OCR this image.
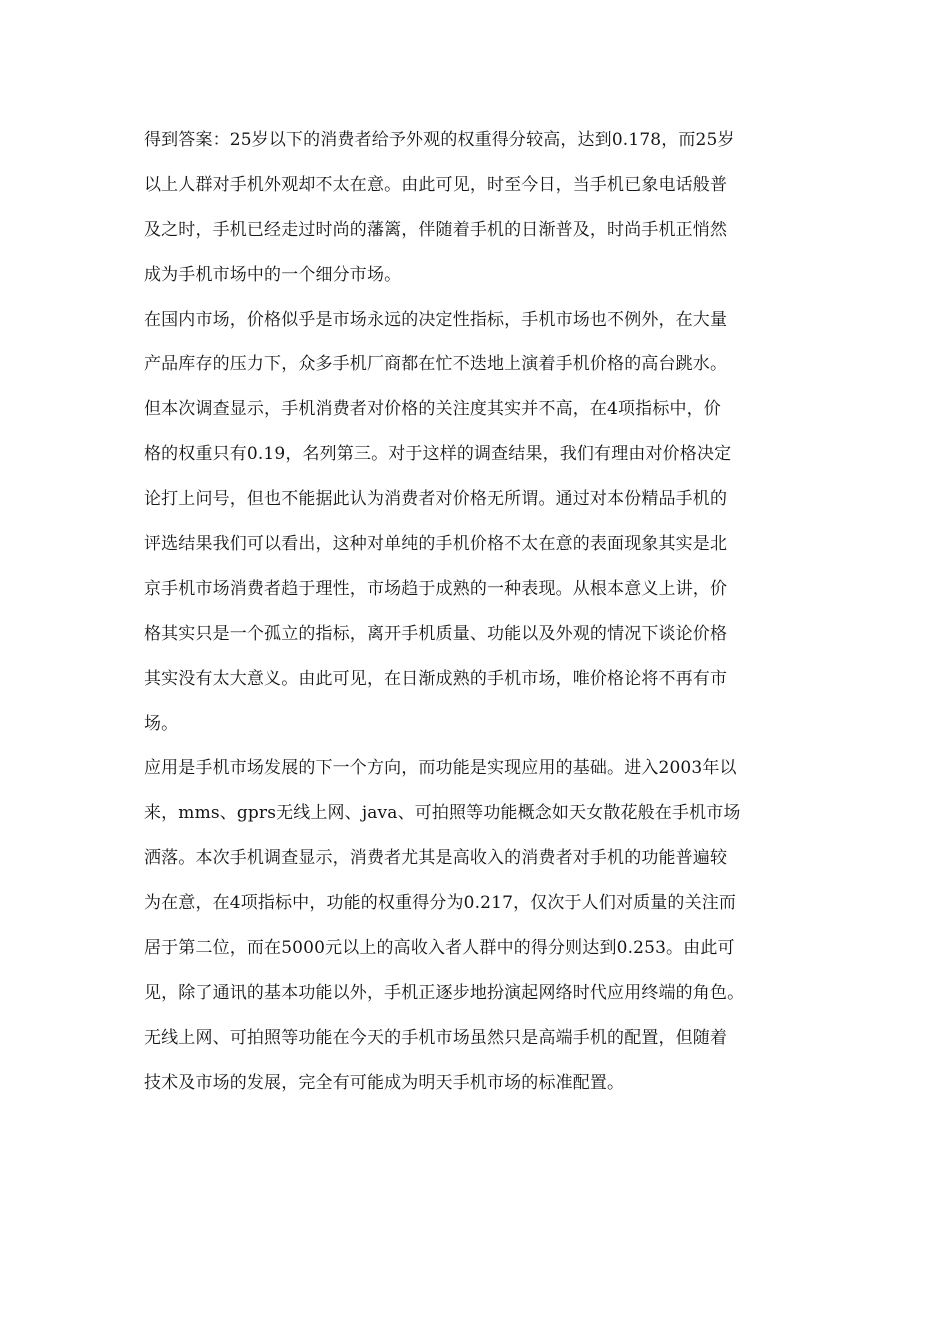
得到答案：25岁以下的消费者给予外观的权重得分较高，达到0.178，而25岁
以上人群对手机外观却不太在意。由此可见，时至今日，当手机已象电话般普
及之时，手机已经走过时尚的藩篱，伴随着手机的日渐普及，时尚手机正悄然
成为手机市场中的一个细分市场。
在国内市场，价格似乎是市场永远的决定性指标，手机市场也不例外，在大量
产品库存的压力下，众多手机厂商都在忙不迭地上演着手机价格的高台跳水。
但本次调查显示，手机消费者对价格的关注度其实并不高，在4项指标中，价
格的权重只有0.19，名列第三。对于这样的调查结果，我们有理由对价格决定
论打上问号，但也不能据此认为消费者对价格无所谓。通过对本份精品手机的
评选结果我们可以看出，这种对单纯的手机价格不太在意的表面现象其实是北
京手机市场消费者趋于理性，市场趋于成熟的一种表现。从根本意义上讲，价
格其实只是一个孤立的指标，离开手机质量、功能以及外观的情况下谈论价格
其实没有太大意义。由此可见，在日渐成熟的手机市场，唯价格论将不再有市
场。
应用是手机市场发展的下一个方向，而功能是实现应用的基础。进入2003年以
来，mms、gprs无线上网、java、可拍照等功能概念如天女散花般在手机市场
洒落。本次手机调查显示，消费者尤其是高收入的消费者对手机的功能普遍较
为在意，在4项指标中，功能的权重得分为0.217，仅次于人们对质量的关注而
居于第二位，而在5000元以上的高收入者人群中的得分则达到0.253。由此可
见，除了通讯的基本功能以外，手机正逐步地扮演起网络时代应用终端的角色。
无线上网、可拍照等功能在今天的手机市场虽然只是高端手机的配置，但随着
技术及市场的发展，完全有可能成为明天手机市场的标准配置。
